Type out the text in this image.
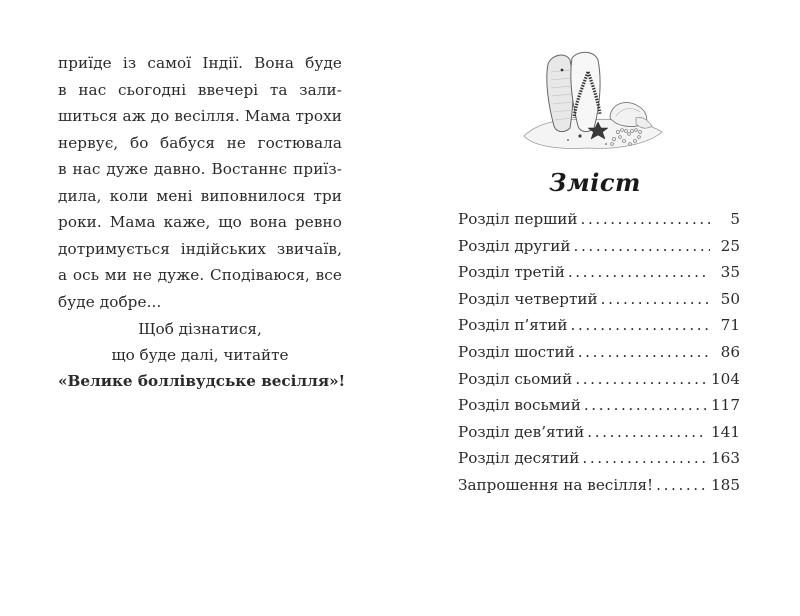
приїде із самої Індії. Вона буде
в нас сьогодні ввечері та зали-
шиться аж до весілля. Мама трохи
нервує, бо бабуся не гостювала
в нас дуже давно. Востаннє приїз-
дила, коли мені виповнилося три
роки. Мама каже, що вона ревно
дотримується індійських звичаїв,
а ось ми не дуже. Сподіваюся, все
буде добре...

Щоб дізнатися,
що буде далі, читайте
«Велике боллівудське весілля»!
Зміст
Розділ перший .....	5
Розділ другий .....	25
Розділ третій .....	35
Розділ четвертий .....	50
Розділ п’ятий .....	71
Розділ шостий .....	86
Розділ сьомий .....	104
Розділ восьмий .....	117
Розділ дев’ятий .....	141
Розділ десятий .....	163
Запрошення на весілля! .....	185
